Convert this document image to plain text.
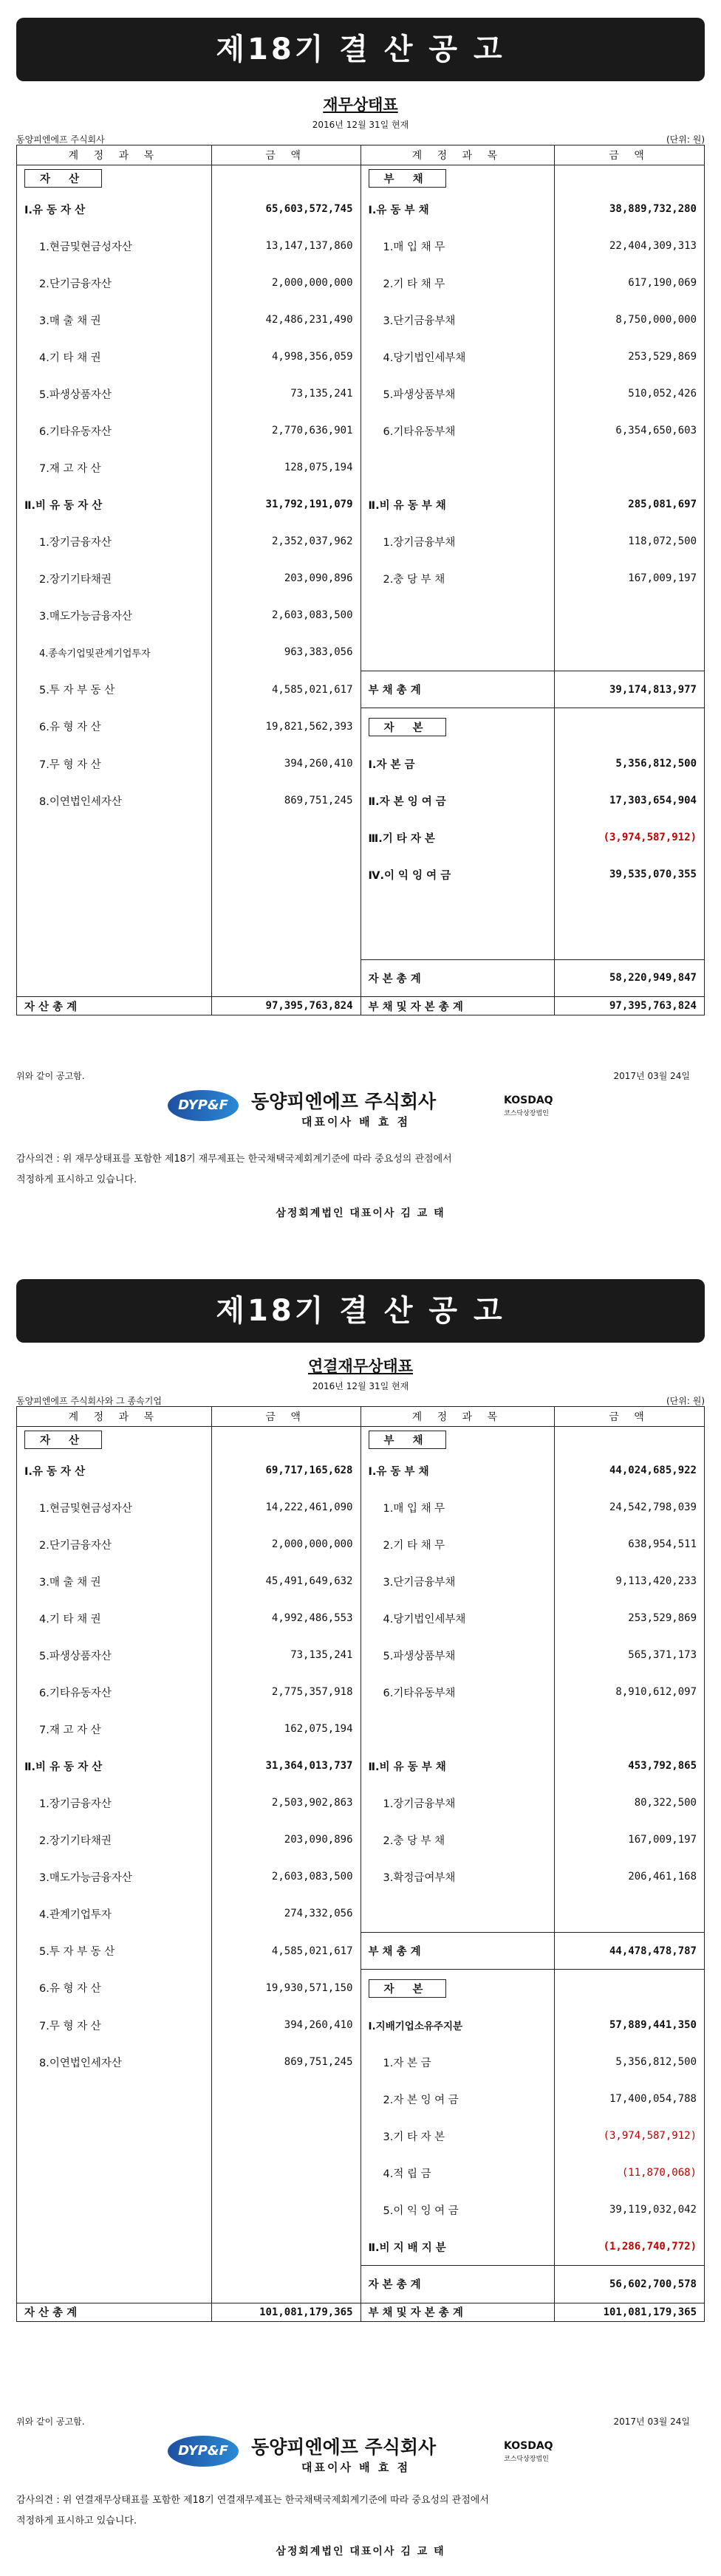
제18기 결 산 공 고
재무상태표
2016년 12월 31일 현재
동양피엔에프 주식회사	(단위: 원)
계 정 과 목	금 액	계 정 과 목	금 액
자 산		부 채	
Ⅰ.유 동 자 산	65,603,572,745	Ⅰ.유 동 부 채	38,889,732,280
1.현금및현금성자산	13,147,137,860	1.매 입 채 무	22,404,309,313
2.단기금융자산	2,000,000,000	2.기 타 채 무	617,190,069
3.매 출 채 권	42,486,231,490	3.단기금융부채	8,750,000,000
4.기 타 채 권	4,998,356,059	4.당기법인세부채	253,529,869
5.파생상품자산	73,135,241	5.파생상품부채	510,052,426
6.기타유동자산	2,770,636,901	6.기타유동부채	6,354,650,603
7.재 고 자 산	128,075,194		
Ⅱ.비 유 동 자 산	31,792,191,079	Ⅱ.비 유 동 부 채	285,081,697
1.장기금융자산	2,352,037,962	1.장기금융부채	118,072,500
2.장기기타채권	203,090,896	2.충 당 부 채	167,009,197
3.매도가능금융자산	2,603,083,500		
4.종속기업및관계기업투자	963,383,056		
5.투 자 부 동 산	4,585,021,617	부 채 총 계	39,174,813,977
6.유 형 자 산	19,821,562,393	자 본	
7.무 형 자 산	394,260,410	Ⅰ.자 본 금	5,356,812,500
8.이연법인세자산	869,751,245	Ⅱ.자 본 잉 여 금	17,303,654,904
		Ⅲ.기 타 자 본	(3,974,587,912)
		Ⅳ.이 익 잉 여 금	39,535,070,355

		자 본 총 계	58,220,949,847
자 산 총 계	97,395,763,824	부 채 및 자 본 총 계	97,395,763,824
위와 같이 공고함.	2017년 03월 24일
DYP&F	동양피엔에프 주식회사
대표이사 배 효 점
KOSDAQ
코스닥상장법인
감사의견 : 위 재무상태표를 포함한 제18기 재무제표는 한국채택국제회계기준에 따라 중요성의 관점에서
적정하게 표시하고 있습니다.
삼정회계법인 대표이사 김 교 태
제18기 결 산 공 고
연결재무상태표
2016년 12월 31일 현재
동양피엔에프 주식회사와 그 종속기업	(단위: 원)
계 정 과 목	금 액	계 정 과 목	금 액
자 산		부 채	
Ⅰ.유 동 자 산	69,717,165,628	Ⅰ.유 동 부 채	44,024,685,922
1.현금및현금성자산	14,222,461,090	1.매 입 채 무	24,542,798,039
2.단기금융자산	2,000,000,000	2.기 타 채 무	638,954,511
3.매 출 채 권	45,491,649,632	3.단기금융부채	9,113,420,233
4.기 타 채 권	4,992,486,553	4.당기법인세부채	253,529,869
5.파생상품자산	73,135,241	5.파생상품부채	565,371,173
6.기타유동자산	2,775,357,918	6.기타유동부채	8,910,612,097
7.재 고 자 산	162,075,194		
Ⅱ.비 유 동 자 산	31,364,013,737	Ⅱ.비 유 동 부 채	453,792,865
1.장기금융자산	2,503,902,863	1.장기금융부채	80,322,500
2.장기기타채권	203,090,896	2.충 당 부 채	167,009,197
3.매도가능금융자산	2,603,083,500	3.확정급여부채	206,461,168
4.관계기업투자	274,332,056		
5.투 자 부 동 산	4,585,021,617	부 채 총 계	44,478,478,787
6.유 형 자 산	19,930,571,150	자 본	
7.무 형 자 산	394,260,410	Ⅰ.지배기업소유주지분	57,889,441,350
8.이연법인세자산	869,751,245	1.자 본 금	5,356,812,500
		2.자 본 잉 여 금	17,400,054,788
		3.기 타 자 본	(3,974,587,912)
		4.적 립 금	(11,870,068)
		5.이 익 잉 여 금	39,119,032,042
		Ⅱ.비 지 배 지 분	(1,286,740,772)
		자 본 총 계	56,602,700,578
자 산 총 계	101,081,179,365	부 채 및 자 본 총 계	101,081,179,365
위와 같이 공고함.	2017년 03월 24일
DYP&F	동양피엔에프 주식회사
대표이사 배 효 점
KOSDAQ
코스닥상장법인
감사의견 : 위 연결재무상태표를 포함한 제18기 연결재무제표는 한국채택국제회계기준에 따라 중요성의 관점에서
적정하게 표시하고 있습니다.
삼정회계법인 대표이사 김 교 태
